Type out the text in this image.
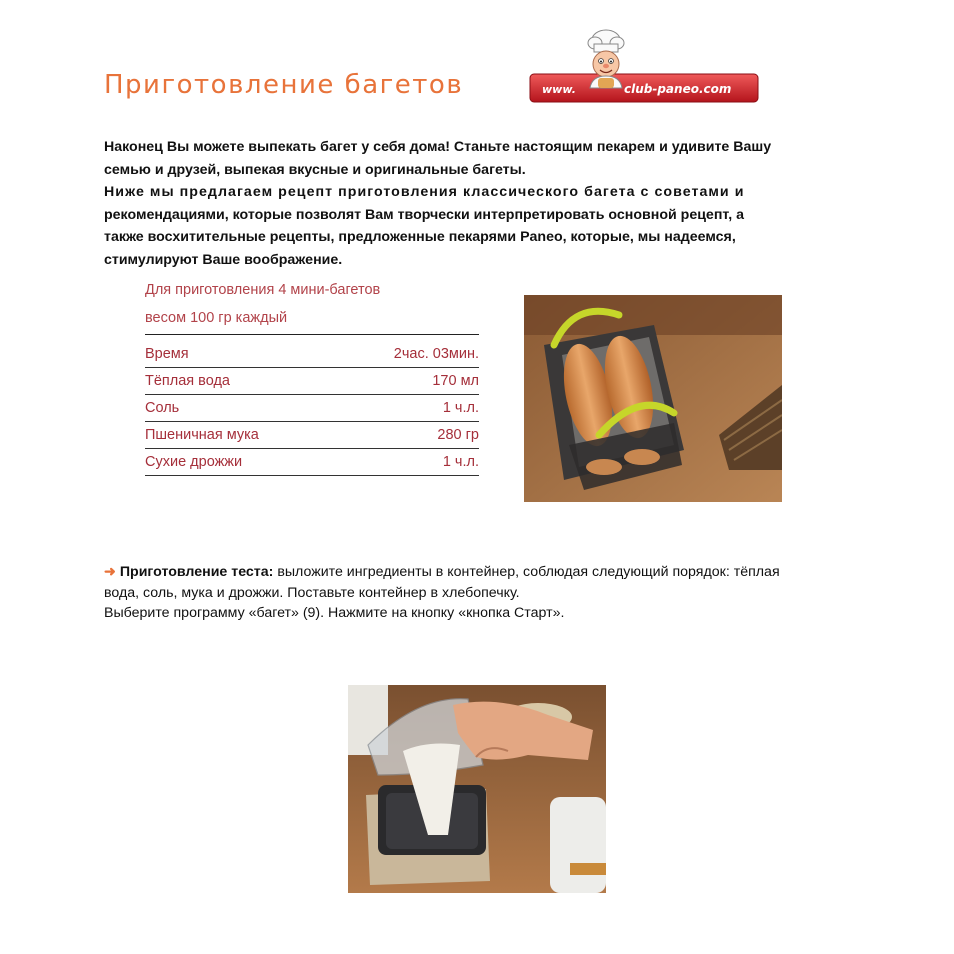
Приготовление багетов	www.	club-paneo.com

Наконец Вы можете выпекать багет у себя дома! Станьте настоящим пекарем и удивите Вашу

семью и друзей, выпекая вкусные и оригинальные багеты.

Ниже мы предлагаем рецепт приготовления классического багета с советами и

рекомендациями, которые позволят Вам творчески интерпретировать основной рецепт, а

также восхитительные рецепты, предложенные пекарями Paneo, которые, мы надеемся,

стимулируют Ваше воображение.

Для приготовления 4 мини-багетов
весом 100 гр каждый
Время	2час. 03мин.
Тёплая вода	170 мл
Соль	1 ч.л.
Пшеничная мука	280 гр
Сухие дрожжи	1 ч.л.

➜ Приготовление теста: выложите ингредиенты в контейнер, соблюдая следующий порядок: тёплая

вода, соль, мука и дрожжи. Поставьте контейнер в хлебопечку.

Выберите программу «багет» (9). Нажмите на кнопку «кнопка Старт».
